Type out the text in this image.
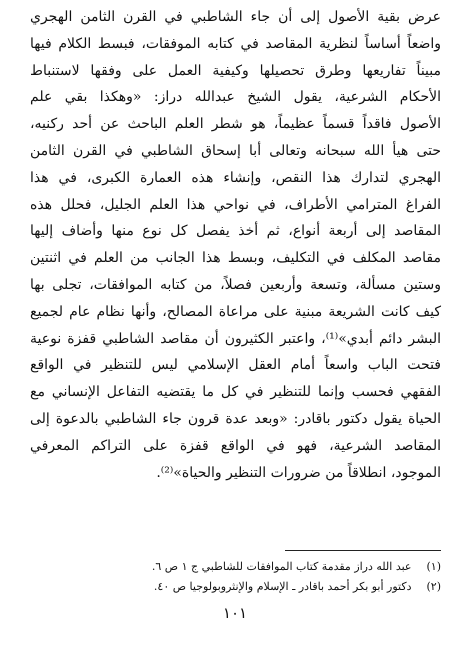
عرض بقية الأصول إلى أن جاء الشاطبي في القرن الثامن الهجري
واضعاً أساساً لنظرية المقاصد في كتابه الموفقات، فبسط الكلام فيها
مبيناً تفاريعها وطرق تحصيلها وكيفية العمل على وفقها لاستنباط
الأحكام الشرعية، يقول الشيخ عبدالله دراز: «وهكذا بقي علم
الأصول فاقداً قسماً عظيماً، هو شطر العلم الباحث عن أحد ركنيه،
حتى هيأ الله سبحانه وتعالى أبا إسحاق الشاطبي في القرن الثامن
الهجري لتدارك هذا النقص، وإنشاء هذه العمارة الكبرى، في هذا
الفراغ المترامي الأطراف، في نواحي هذا العلم الجليل، فحلل هذه
المقاصد إلى أربعة أنواع، ثم أخذ يفصل كل نوع منها وأضاف إليها
مقاصد المكلف في التكليف، وبسط هذا الجانب من العلم في اثنتين
وستين مسألة، وتسعة وأربعين فصلاً، من كتابه الموافقات، تجلى بها
كيف كانت الشريعة مبنية على مراعاة المصالح، وأنها نظام عام لجميع
البشر دائم أبدي»⁽¹⁾، واعتبر الكثيرون أن مقاصد الشاطبي قفزة نوعية
فتحت الباب واسعاً أمام العقل الإسلامي ليس للتنظير في الواقع
الفقهي فحسب وإنما للتنظير في كل ما يقتضيه التفاعل الإنساني مع
الحياة يقول دكتور باقادر: «وبعد عدة قرون جاء الشاطبي بالدعوة إلى
المقاصد الشرعية، فهو في الواقع قفزة على التراكم المعرفي
الموجود، انطلاقاً من ضرورات التنظير والحياة»⁽²⁾.
(١) عبد الله دراز مقدمة كتاب الموافقات للشاطبي ج ١ ص ٦.
(٢) دكتور أبو بكر أحمد باقادر ـ الإسلام والإنثروبولوجيا ص ٤٠.
١٠١
